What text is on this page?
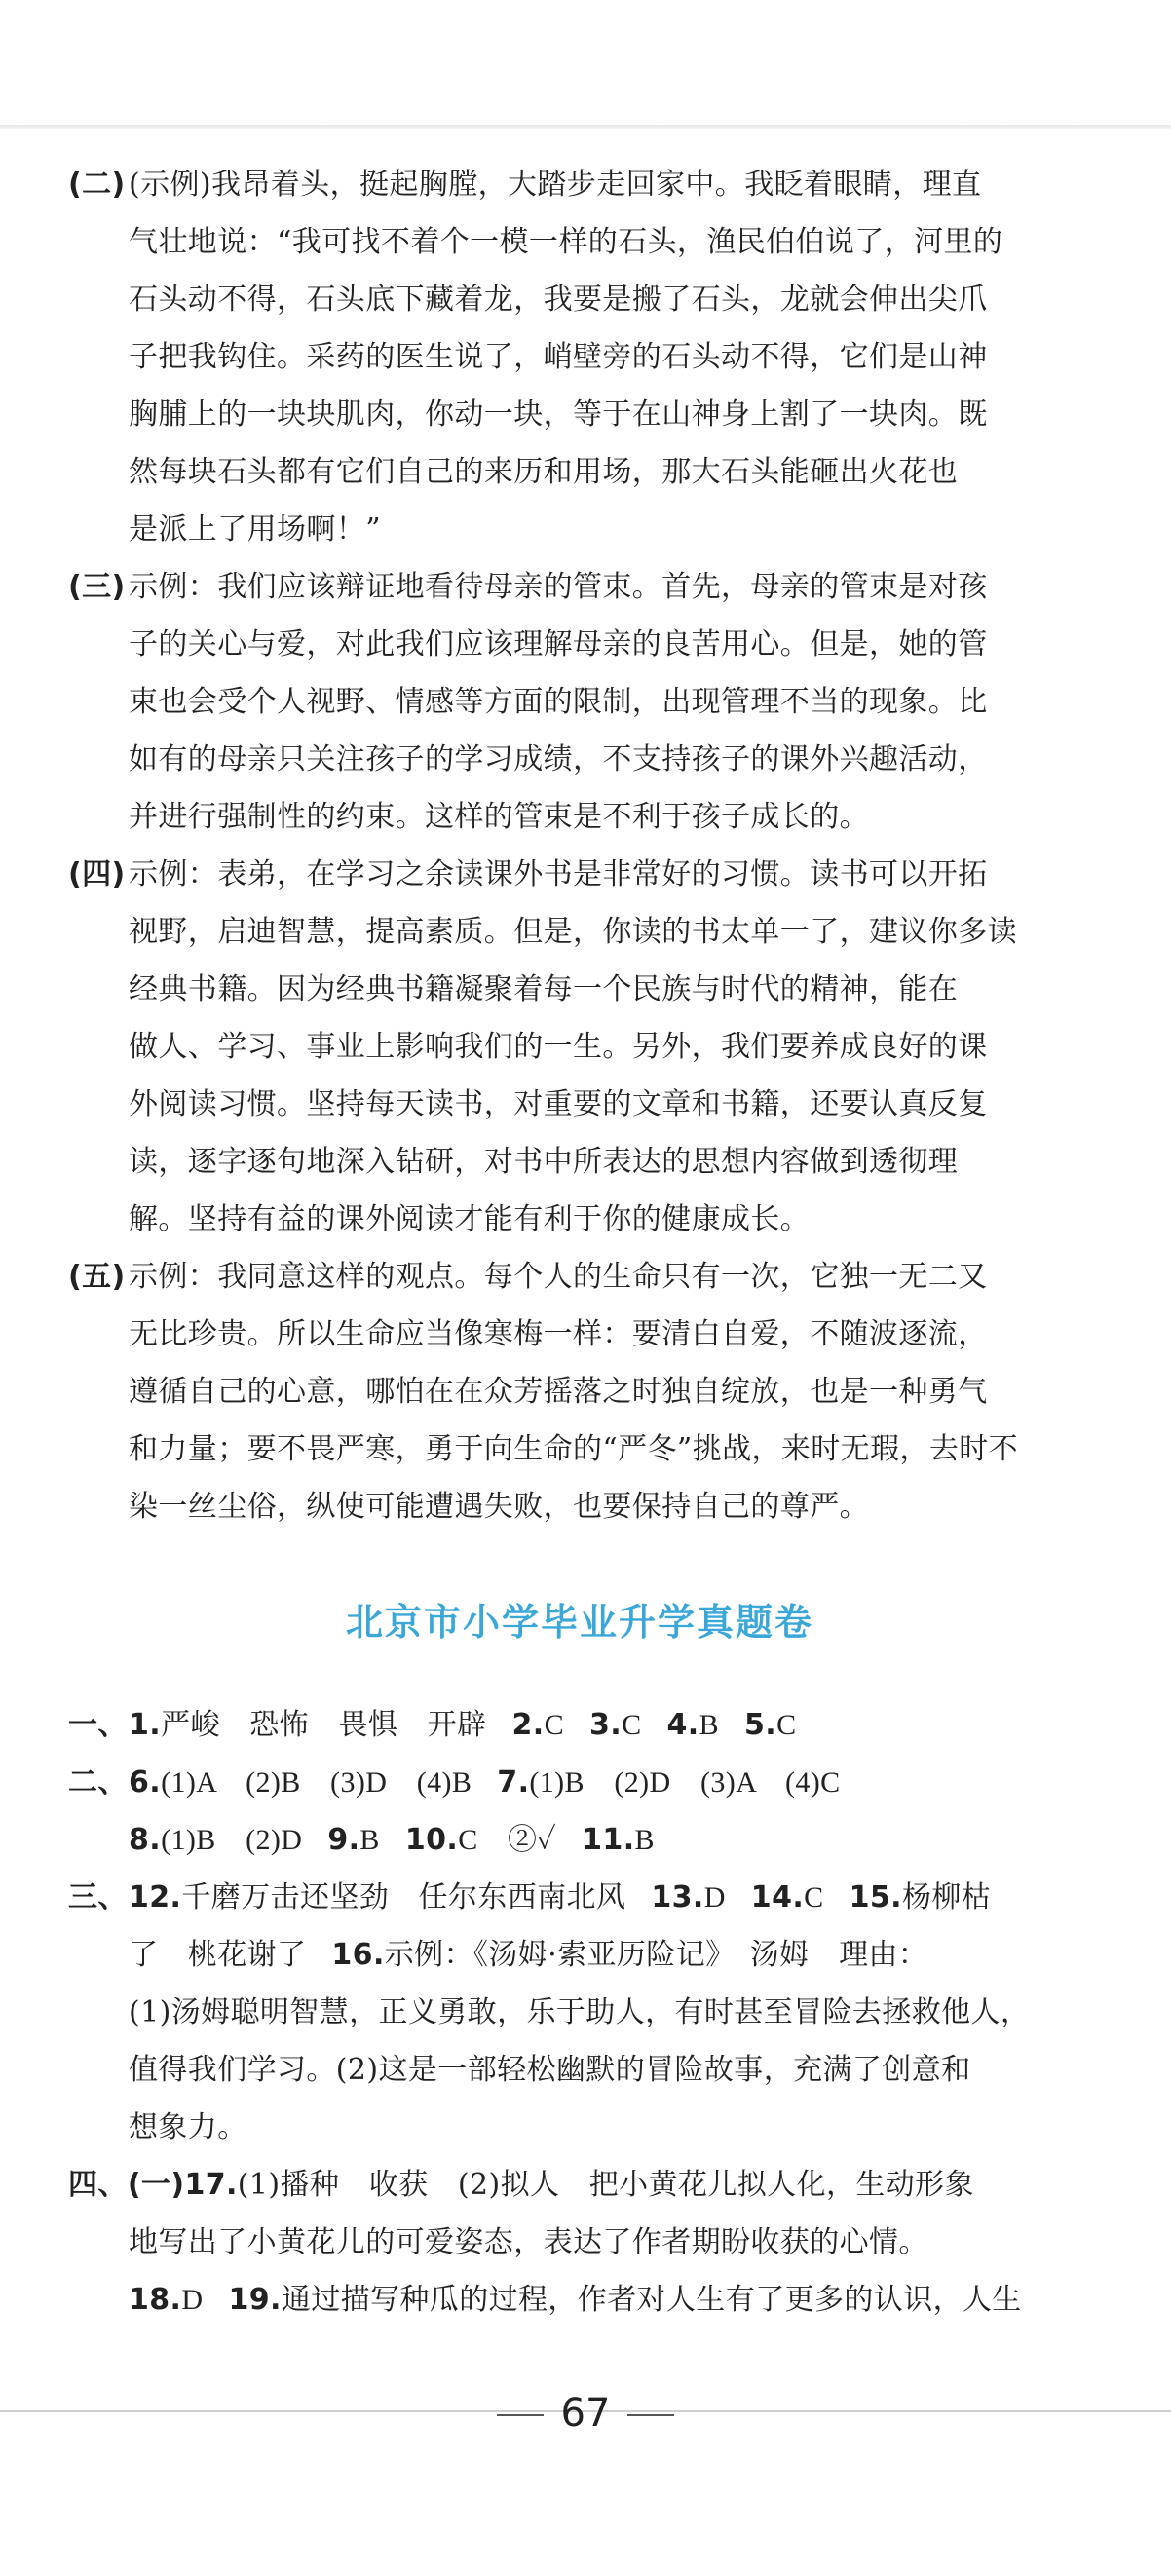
(二) (示例)我昂着头，挺起胸膛，大踏步走回家中。我眨着眼睛，理直
气壮地说：“我可找不着个一模一样的石头，渔民伯伯说了，河里的
石头动不得，石头底下藏着龙，我要是搬了石头，龙就会伸出尖爪
子把我钩住。采药的医生说了，峭壁旁的石头动不得，它们是山神
胸脯上的一块块肌肉，你动一块，等于在山神身上割了一块肉。既
然每块石头都有它们自己的来历和用场，那大石头能砸出火花也
是派上了用场啊！”
(三) 示例：我们应该辩证地看待母亲的管束。首先，母亲的管束是对孩
子的关心与爱，对此我们应该理解母亲的良苦用心。但是，她的管
束也会受个人视野、情感等方面的限制，出现管理不当的现象。比
如有的母亲只关注孩子的学习成绩，不支持孩子的课外兴趣活动，
并进行强制性的约束。这样的管束是不利于孩子成长的。
(四) 示例：表弟，在学习之余读课外书是非常好的习惯。读书可以开拓
视野，启迪智慧，提高素质。但是，你读的书太单一了，建议你多读
经典书籍。因为经典书籍凝聚着每一个民族与时代的精神，能在
做人、学习、事业上影响我们的一生。另外，我们要养成良好的课
外阅读习惯。坚持每天读书，对重要的文章和书籍，还要认真反复
读，逐字逐句地深入钻研，对书中所表达的思想内容做到透彻理
解。坚持有益的课外阅读才能有利于你的健康成长。
(五) 示例：我同意这样的观点。每个人的生命只有一次，它独一无二又
无比珍贵。所以生命应当像寒梅一样：要清白自爱，不随波逐流，
遵循自己的心意，哪怕在在众芳摇落之时独自绽放，也是一种勇气
和力量；要不畏严寒，勇于向生命的“严冬”挑战，来时无瑕，去时不
染一丝尘俗，纵使可能遭遇失败，也要保持自己的尊严。
北京市小学毕业升学真题卷
一、1.严峻　恐怖　畏惧　开辟 2.C 3.C 4.B 5.C
二、6.(1)A　(2)B　(3)D　(4)B 7.(1)B　(2)D　(3)A　(4)C
8.(1)B　(2)D 9.B 10.C　②✓ 11.B
三、12.千磨万击还坚劲　任尔东西南北风 13.D 14.C 15.杨柳枯
了　桃花谢了 16.示例：《汤姆·索亚历险记》　汤姆　理由：
(1)汤姆聪明智慧，正义勇敢，乐于助人，有时甚至冒险去拯救他人，
值得我们学习。(2)这是一部轻松幽默的冒险故事，充满了创意和
想象力。
四、(一)17.(1)播种　收获　(2)拟人　把小黄花儿拟人化，生动形象
地写出了小黄花儿的可爱姿态，表达了作者期盼收获的心情。
18.D 19.通过描写种瓜的过程，作者对人生有了更多的认识，人生
67
